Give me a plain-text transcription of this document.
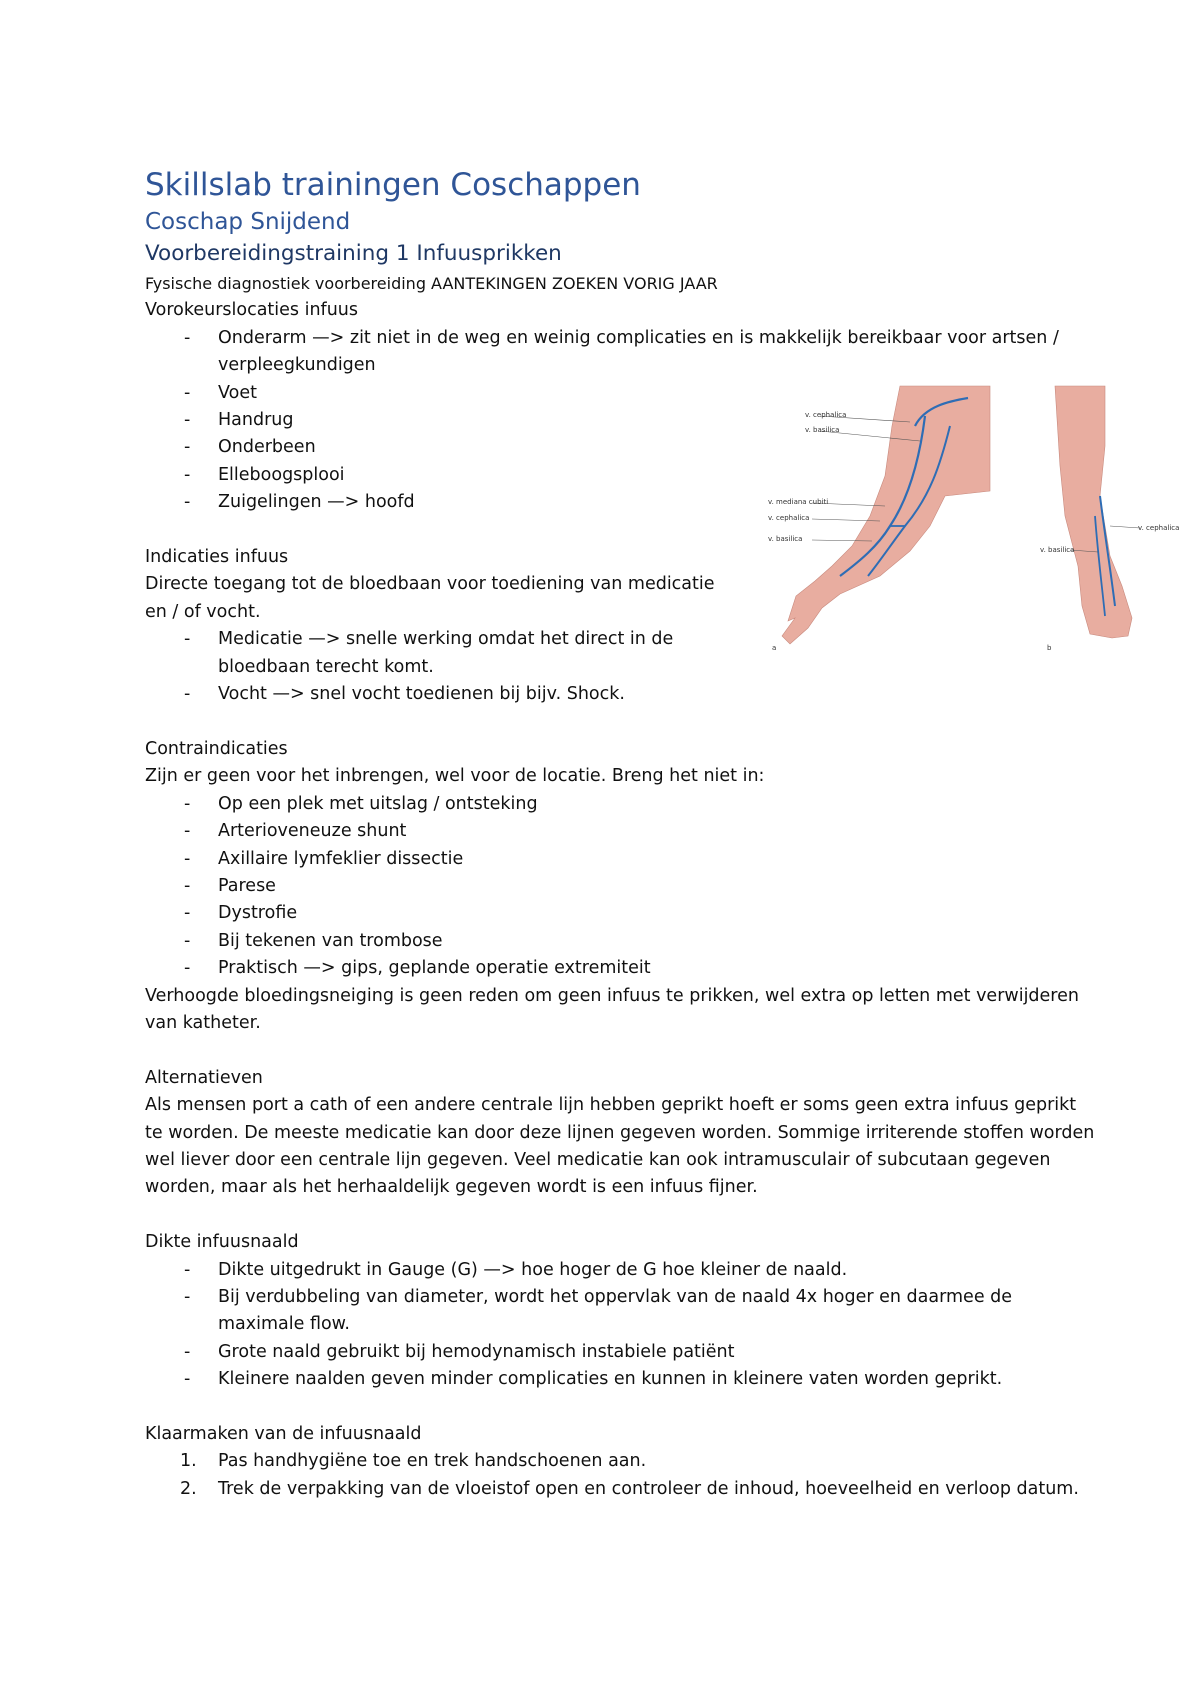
Skillslab trainingen Coschappen
Coschap Snijdend
Voorbereidingstraining 1 Infuusprikken

Fysische diagnostiek voorbereiding AANTEKINGEN ZOEKEN VORIG JAAR

Vorokeurslocaties infuus

- Onderarm —> zit niet in de weg en weinig complicaties en is makkelijk bereikbaar voor artsen / verpleegkundigen
- Voet
- Handrug
- Onderbeen
- Elleboogsplooi
- Zuigelingen —> hoofd

Indicaties infuus

Directe toegang tot de bloedbaan voor toediening van medicatie en / of vocht.

- Medicatie —> snelle werking omdat het direct in de bloedbaan terecht komt.
- Vocht —> snel vocht toedienen bij bijv. Shock.

Contraindicaties

Zijn er geen voor het inbrengen, wel voor de locatie. Breng het niet in:

- Op een plek met uitslag / ontsteking
- Arterioveneuze shunt
- Axillaire lymfeklier dissectie
- Parese
- Dystrofie
- Bij tekenen van trombose
- Praktisch —> gips, geplande operatie extremiteit

Verhoogde bloedingsneiging is geen reden om geen infuus te prikken, wel extra op letten met verwijderen van katheter.

Alternatieven

Als mensen port a cath of een andere centrale lijn hebben geprikt hoeft er soms geen extra infuus geprikt te worden. De meeste medicatie kan door deze lijnen gegeven worden. Sommige irriterende stoffen worden wel liever door een centrale lijn gegeven. Veel medicatie kan ook intramusculair of subcutaan gegeven worden, maar als het herhaaldelijk gegeven wordt is een infuus fijner.

Dikte infuusnaald

- Dikte uitgedrukt in Gauge (G) —> hoe hoger de G hoe kleiner de naald.
- Bij verdubbeling van diameter, wordt het oppervlak van de naald 4x hoger en daarmee de maximale flow.
- Grote naald gebruikt bij hemodynamisch instabiele patiënt
- Kleinere naalden geven minder complicaties en kunnen in kleinere vaten worden geprikt.

Klaarmaken van de infuusnaald

1. Pas handhygiëne toe en trek handschoenen aan.
2. Trek de verpakking van de vloeistof open en controleer de inhoud, hoeveelheid en verloop datum.
v. cephalica
v. basilica
v. mediana cubiti
v. cephalica
v. basilica
a
v. cephalica
v. basilica
b
